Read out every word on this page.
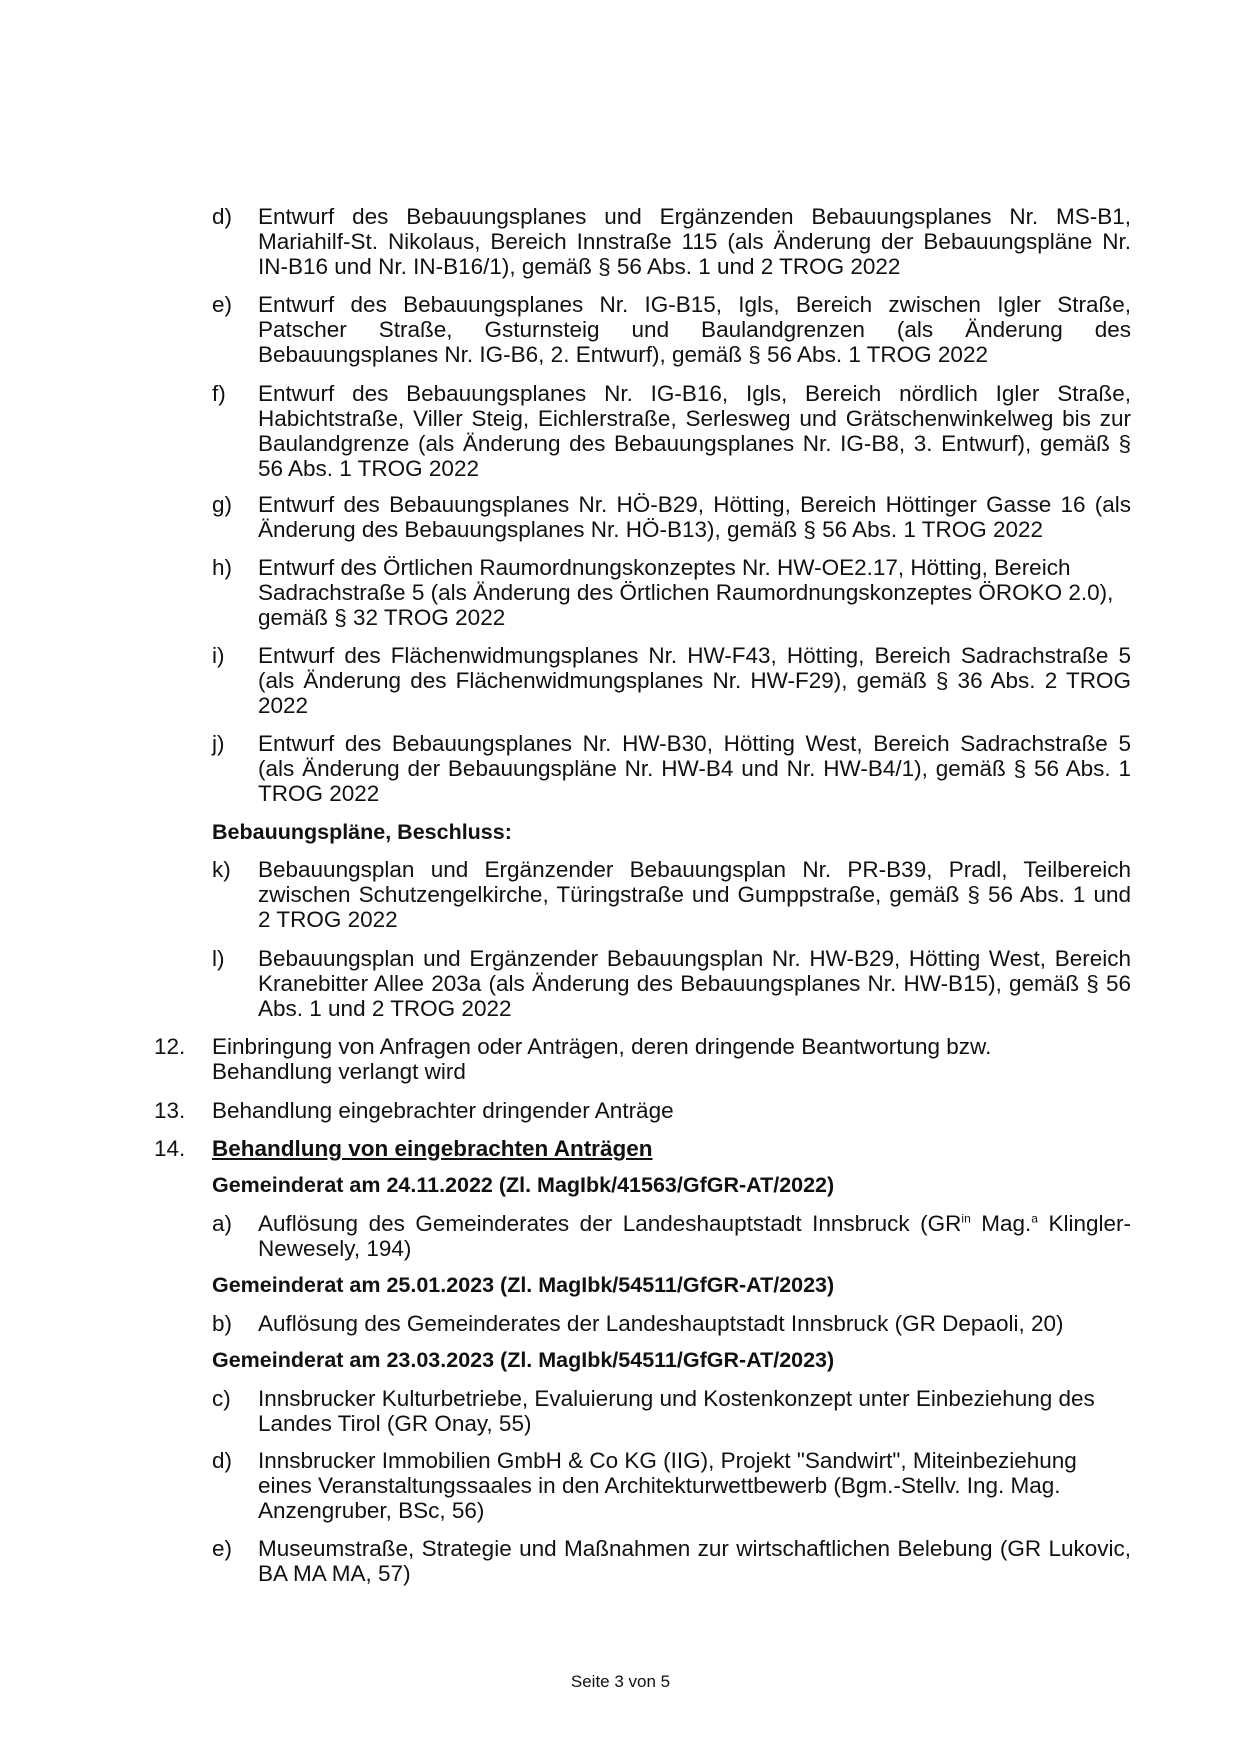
d) Entwurf des Bebauungsplanes und Ergänzenden Bebauungsplanes Nr. MS-B1, Mariahilf-St. Nikolaus, Bereich Innstraße 115 (als Änderung der Bebauungspläne Nr. IN-B16 und Nr. IN-B16/1), gemäß § 56 Abs. 1 und 2 TROG 2022
e) Entwurf des Bebauungsplanes Nr. IG-B15, Igls, Bereich zwischen Igler Straße, Patscher Straße, Gsturnsteig und Baulandgrenzen (als Änderung des Bebauungsplanes Nr. IG-B6, 2. Entwurf), gemäß § 56 Abs. 1 TROG 2022
f) Entwurf des Bebauungsplanes Nr. IG-B16, Igls, Bereich nördlich Igler Straße, Habichtstraße, Viller Steig, Eichlerstraße, Serlesweg und Grätschenwinkelweg bis zur Baulandgrenze (als Änderung des Bebauungsplanes Nr. IG-B8, 3. Entwurf), gemäß § 56 Abs. 1 TROG 2022
g) Entwurf des Bebauungsplanes Nr. HÖ-B29, Hötting, Bereich Höttinger Gasse 16 (als Änderung des Bebauungsplanes Nr. HÖ-B13), gemäß § 56 Abs. 1 TROG 2022
h) Entwurf des Örtlichen Raumordnungskonzeptes Nr. HW-OE2.17, Hötting, Bereich Sadrachstraße 5 (als Änderung des Örtlichen Raumordnungskonzeptes ÖROKO 2.0), gemäß § 32 TROG 2022
i) Entwurf des Flächenwidmungsplanes Nr. HW-F43, Hötting, Bereich Sadrachstraße 5 (als Änderung des Flächenwidmungsplanes Nr. HW-F29), gemäß § 36 Abs. 2 TROG 2022
j) Entwurf des Bebauungsplanes Nr. HW-B30, Hötting West, Bereich Sadrachstraße 5 (als Änderung der Bebauungspläne Nr. HW-B4 und Nr. HW-B4/1), gemäß § 56 Abs. 1 TROG 2022
Bebauungspläne, Beschluss:
k) Bebauungsplan und Ergänzender Bebauungsplan Nr. PR-B39, Pradl, Teilbereich zwischen Schutzengelkirche, Türingstraße und Gumppstraße, gemäß § 56 Abs. 1 und 2 TROG 2022
l) Bebauungsplan und Ergänzender Bebauungsplan Nr. HW-B29, Hötting West, Bereich Kranebitter Allee 203a (als Änderung des Bebauungsplanes Nr. HW-B15), gemäß § 56 Abs. 1 und 2 TROG 2022
12. Einbringung von Anfragen oder Anträgen, deren dringende Beantwortung bzw. Behandlung verlangt wird
13. Behandlung eingebrachter dringender Anträge
14. Behandlung von eingebrachten Anträgen
Gemeinderat am 24.11.2022 (Zl. MagIbk/41563/GfGR-AT/2022)
a) Auflösung des Gemeinderates der Landeshauptstadt Innsbruck ($GR^{in}$ Mag.$^a$ Klingler-Newesely, 194)
Gemeinderat am 25.01.2023 (Zl. MagIbk/54511/GfGR-AT/2023)
b) Auflösung des Gemeinderates der Landeshauptstadt Innsbruck (GR Depaoli, 20)
Gemeinderat am 23.03.2023 (Zl. MagIbk/54511/GfGR-AT/2023)
c) Innsbrucker Kulturbetriebe, Evaluierung und Kostenkonzept unter Einbeziehung des Landes Tirol (GR Onay, 55)
d) Innsbrucker Immobilien GmbH & Co KG (IIG), Projekt "Sandwirt", Miteinbeziehung eines Veranstaltungssaales in den Architekturwettbewerb (Bgm.-Stellv. Ing. Mag. Anzengruber, BSc, 56)
e) Museumstraße, Strategie und Maßnahmen zur wirtschaftlichen Belebung (GR Lukovic, BA MA MA, 57)
Seite 3 von 5
